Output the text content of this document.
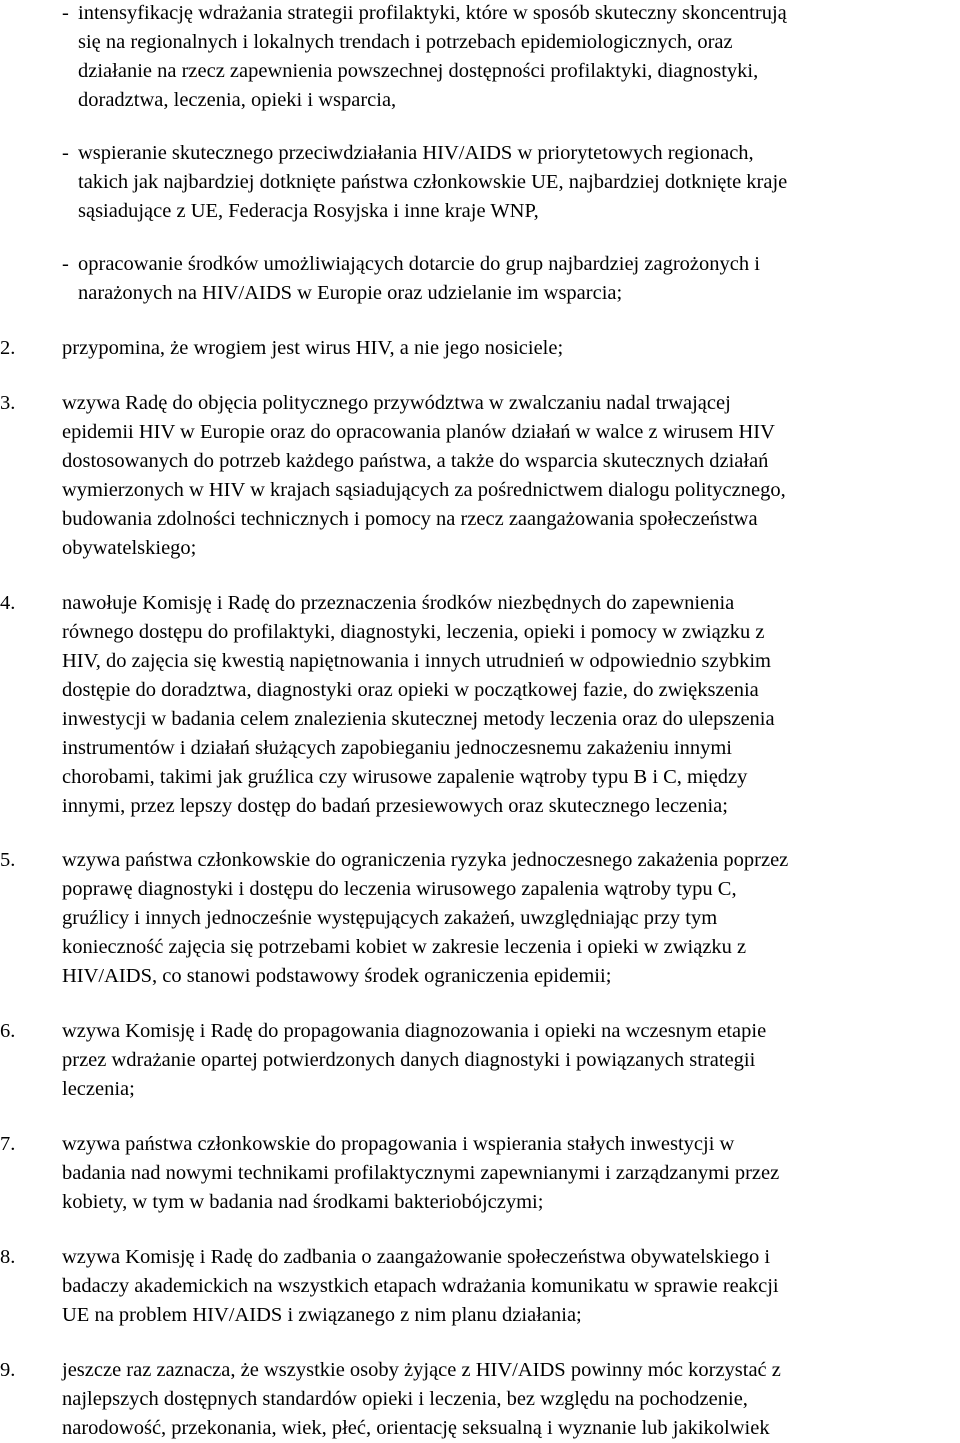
- intensyfikację wdrażania strategii profilaktyki, które w sposób skuteczny skoncentrują
się na regionalnych i lokalnych trendach i potrzebach epidemiologicznych, oraz
działanie na rzecz zapewnienia powszechnej dostępności profilaktyki, diagnostyki,
doradztwa, leczenia, opieki i wsparcia,
- wspieranie skutecznego przeciwdziałania HIV/AIDS w priorytetowych regionach,
takich jak najbardziej dotknięte państwa członkowskie UE, najbardziej dotknięte kraje
sąsiadujące z UE, Federacja Rosyjska i inne kraje WNP,
- opracowanie środków umożliwiających dotarcie do grup najbardziej zagrożonych i
narażonych na HIV/AIDS w Europie oraz udzielanie im wsparcia;
2. przypomina, że wrogiem jest wirus HIV, a nie jego nosiciele;
3. wzywa Radę do objęcia politycznego przywództwa w zwalczaniu nadal trwającej
epidemii HIV w Europie oraz do opracowania planów działań w walce z wirusem HIV
dostosowanych do potrzeb każdego państwa, a także do wsparcia skutecznych działań
wymierzonych w HIV w krajach sąsiadujących za pośrednictwem dialogu politycznego,
budowania zdolności technicznych i pomocy na rzecz zaangażowania społeczeństwa
obywatelskiego;
4. nawołuje Komisję i Radę do przeznaczenia środków niezbędnych do zapewnienia
równego dostępu do profilaktyki, diagnostyki, leczenia, opieki i pomocy w związku z
HIV, do zajęcia się kwestią napiętnowania i innych utrudnień w odpowiednio szybkim
dostępie do doradztwa, diagnostyki oraz opieki w początkowej fazie, do zwiększenia
inwestycji w badania celem znalezienia skutecznej metody leczenia oraz do ulepszenia
instrumentów i działań służących zapobieganiu jednoczesnemu zakażeniu innymi
chorobami, takimi jak gruźlica czy wirusowe zapalenie wątroby typu B i C, między
innymi, przez lepszy dostęp do badań przesiewowych oraz skutecznego leczenia;
5. wzywa państwa członkowskie do ograniczenia ryzyka jednoczesnego zakażenia poprzez
poprawę diagnostyki i dostępu do leczenia wirusowego zapalenia wątroby typu C,
gruźlicy i innych jednocześnie występujących zakażeń, uwzględniając przy tym
konieczność zajęcia się potrzebami kobiet w zakresie leczenia i opieki w związku z
HIV/AIDS, co stanowi podstawowy środek ograniczenia epidemii;
6. wzywa Komisję i Radę do propagowania diagnozowania i opieki na wczesnym etapie
przez wdrażanie opartej potwierdzonych danych diagnostyki i powiązanych strategii
leczenia;
7. wzywa państwa członkowskie do propagowania i wspierania stałych inwestycji w
badania nad nowymi technikami profilaktycznymi zapewnianymi i zarządzanymi przez
kobiety, w tym w badania nad środkami bakteriobójczymi;
8. wzywa Komisję i Radę do zadbania o zaangażowanie społeczeństwa obywatelskiego i
badaczy akademickich na wszystkich etapach wdrażania komunikatu w sprawie reakcji
UE na problem HIV/AIDS i związanego z nim planu działania;
9. jeszcze raz zaznacza, że wszystkie osoby żyjące z HIV/AIDS powinny móc korzystać z
najlepszych dostępnych standardów opieki i leczenia, bez względu na pochodzenie,
narodowość, przekonania, wiek, płeć, orientację seksualną i wyznanie lub jakikolwiek
